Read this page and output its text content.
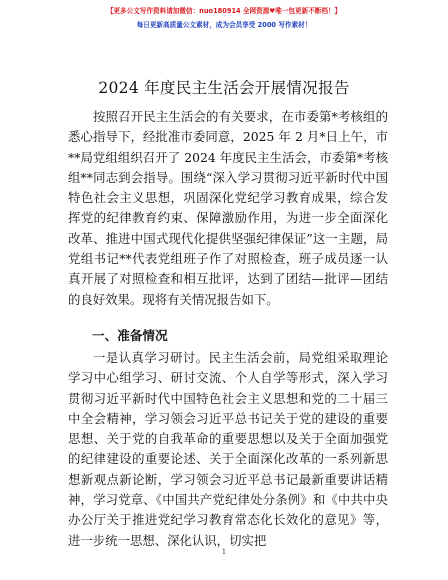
【更多公文写作资料请加微信：nuo180914 全网资源♥唯一包更新不断档！】
每日更新高质量公文素材，成为会员享受 2000 写作素材！
2024 年度民主生活会开展情况报告

按照召开民主生活会的有关要求，在市委第*考核组的悉心指导下，经批准市委同意，2025 年 2 月*日上午，市**局党组组织召开了 2024 年度民主生活会，市委第*考核组**同志到会指导。围绕“深入学习贯彻习近平新时代中国特色社会主义思想，巩固深化党纪学习教育成果，综合发挥党的纪律教育约束、保障激励作用，为进一步全面深化改革、推进中国式现代化提供坚强纪律保证”这一主题，局党组书记**代表党组班子作了对照检查，班子成员逐一认真开展了对照检查和相互批评，达到了团结—批评—团结的良好效果。现将有关情况报告如下。

一、准备情况

一是认真学习研讨。民主生活会前，局党组采取理论学习中心组学习、研讨交流、个人自学等形式，深入学习贯彻习近平新时代中国特色社会主义思想和党的二十届三中全会精神，学习领会习近平总书记关于党的建设的重要思想、关于党的自我革命的重要思想以及关于全面加强党的纪律建设的重要论述、关于全面深化改革的一系列新思想新观点新论断，学习领会习近平总书记最新重要讲话精神，学习党章、《中国共产党纪律处分条例》和《中共中央办公厅关于推进党纪学习教育常态化长效化的意见》等，进一步统一思想、深化认识，切实把

1
